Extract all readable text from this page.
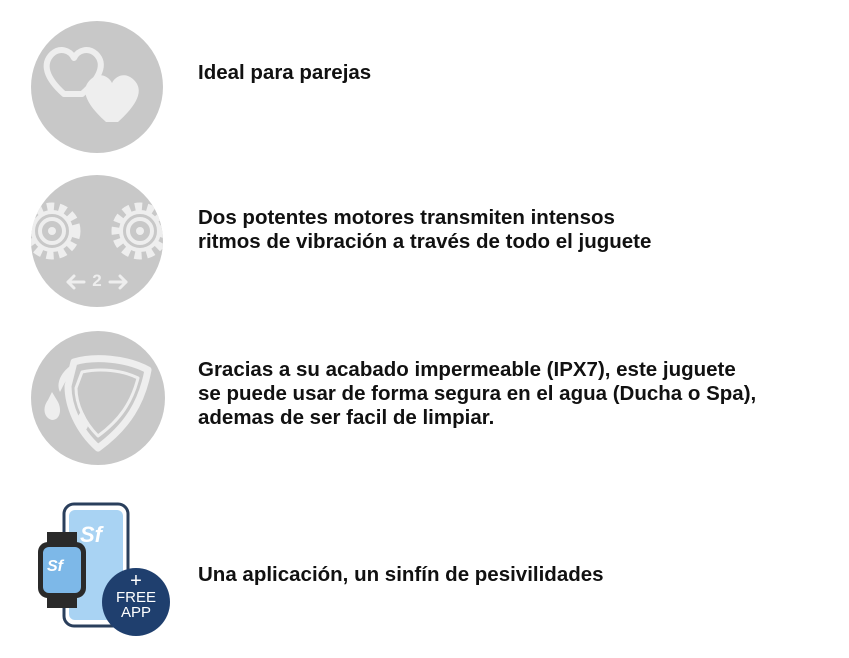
Ideal para parejas
2
Dos potentes motores transmiten intensos
ritmos de vibración a través de todo el juguete
Gracias a su acabado impermeable (IPX7), este juguete
se puede usar de forma segura en el agua (Ducha o Spa),
ademas de ser facil de limpiar.
Sf
Sf
+
FREE
APP
Una aplicación, un sinfín de pesivilidades
